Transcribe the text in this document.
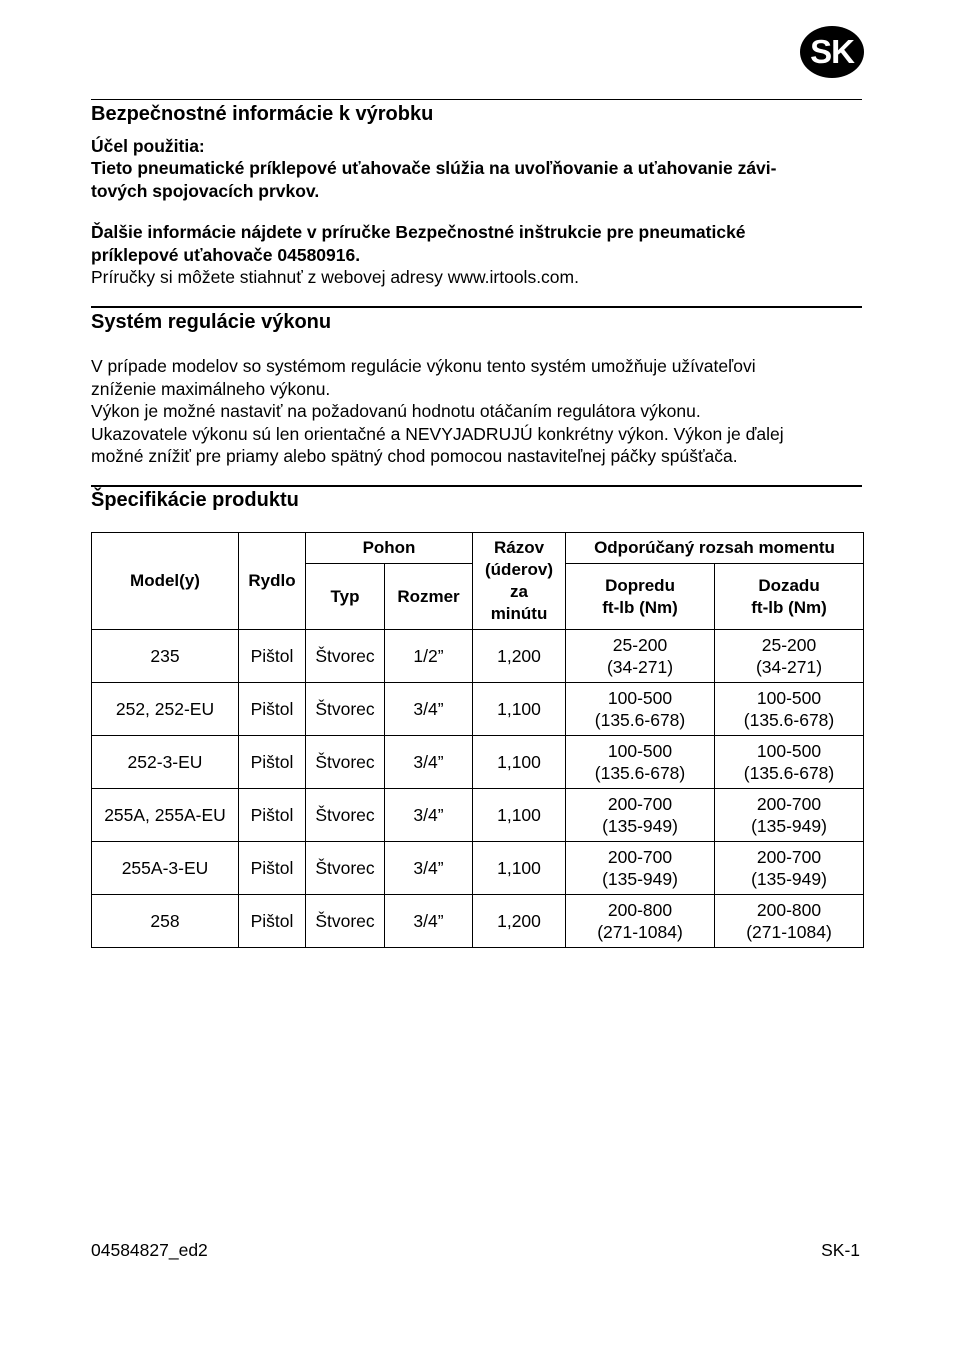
SK
Bezpečnostné informácie k výrobku
Účel použitia:
Tieto pneumatické príklepové uťahovače slúžia na uvoľňovanie a uťahovanie závi-
tových spojovacích prvkov.
Ďalšie informácie nájdete v príručke Bezpečnostné inštrukcie pre pneumatické
príklepové uťahovače 04580916.
Príručky si môžete stiahnuť z webovej adresy www.irtools.com.
Systém regulácie výkonu
V prípade modelov so systémom regulácie výkonu tento systém umožňuje užívateľovi
zníženie maximálneho výkonu.
Výkon je možné nastaviť na požadovanú hodnotu otáčaním regulátora výkonu.
Ukazovatele výkonu sú len orientačné a NEVYJADRUJÚ konkrétny výkon. Výkon je ďalej
možné znížiť pre priamy alebo spätný chod pomocou nastaviteľnej páčky spúšťača.
Špecifikácie produktu
Model(y)	Rydlo	Pohon		Rázov
(úderov)
za
minútu	Odporúčaný rozsah momentu	
		Typ	Rozmer		Dopredu
ft-lb (Nm)	Dozadu
ft-lb (Nm)
235	Pištol	Štvorec	1/2”	1,200	25-200
(34-271)	25-200
(34-271)
252, 252-EU	Pištol	Štvorec	3/4”	1,100	100-500
(135.6-678)	100-500
(135.6-678)
252-3-EU	Pištol	Štvorec	3/4”	1,100	100-500
(135.6-678)	100-500
(135.6-678)
255A, 255A-EU	Pištol	Štvorec	3/4”	1,100	200-700
(135-949)	200-700
(135-949)
255A-3-EU	Pištol	Štvorec	3/4”	1,100	200-700
(135-949)	200-700
(135-949)
258	Pištol	Štvorec	3/4”	1,200	200-800
(271-1084)	200-800
(271-1084)
04584827_ed2	SK-1
